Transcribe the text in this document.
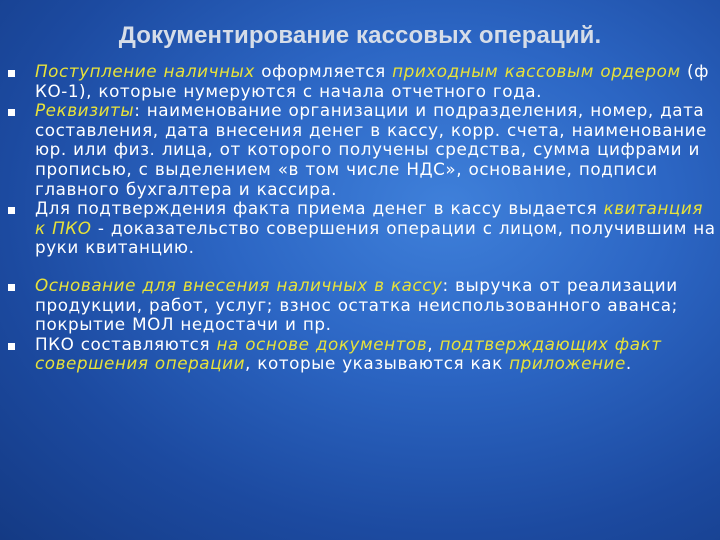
Документирование кассовых операций.
Поступление наличных оформляется приходным кассовым ордером (ф КО-1), которые нумеруются с начала отчетного года.
Реквизиты: наименование организации и подразделения, номер, дата составления, дата внесения денег в кассу, корр. счета, наименование юр. или физ. лица, от которого получены средства, сумма цифрами и прописью, с выделением «в том числе НДС», основание, подписи главного бухгалтера и кассира.
Для подтверждения факта приема денег в кассу выдается квитанция к ПКО - доказательство совершения операции с лицом, получившим на руки квитанцию.
Основание для внесения наличных в кассу: выручка от реализации продукции, работ, услуг; взнос остатка неиспользованного аванса; покрытие МОЛ недостачи и пр.
ПКО составляются на основе документов, подтверждающих факт совершения операции, которые указываются как приложение.
